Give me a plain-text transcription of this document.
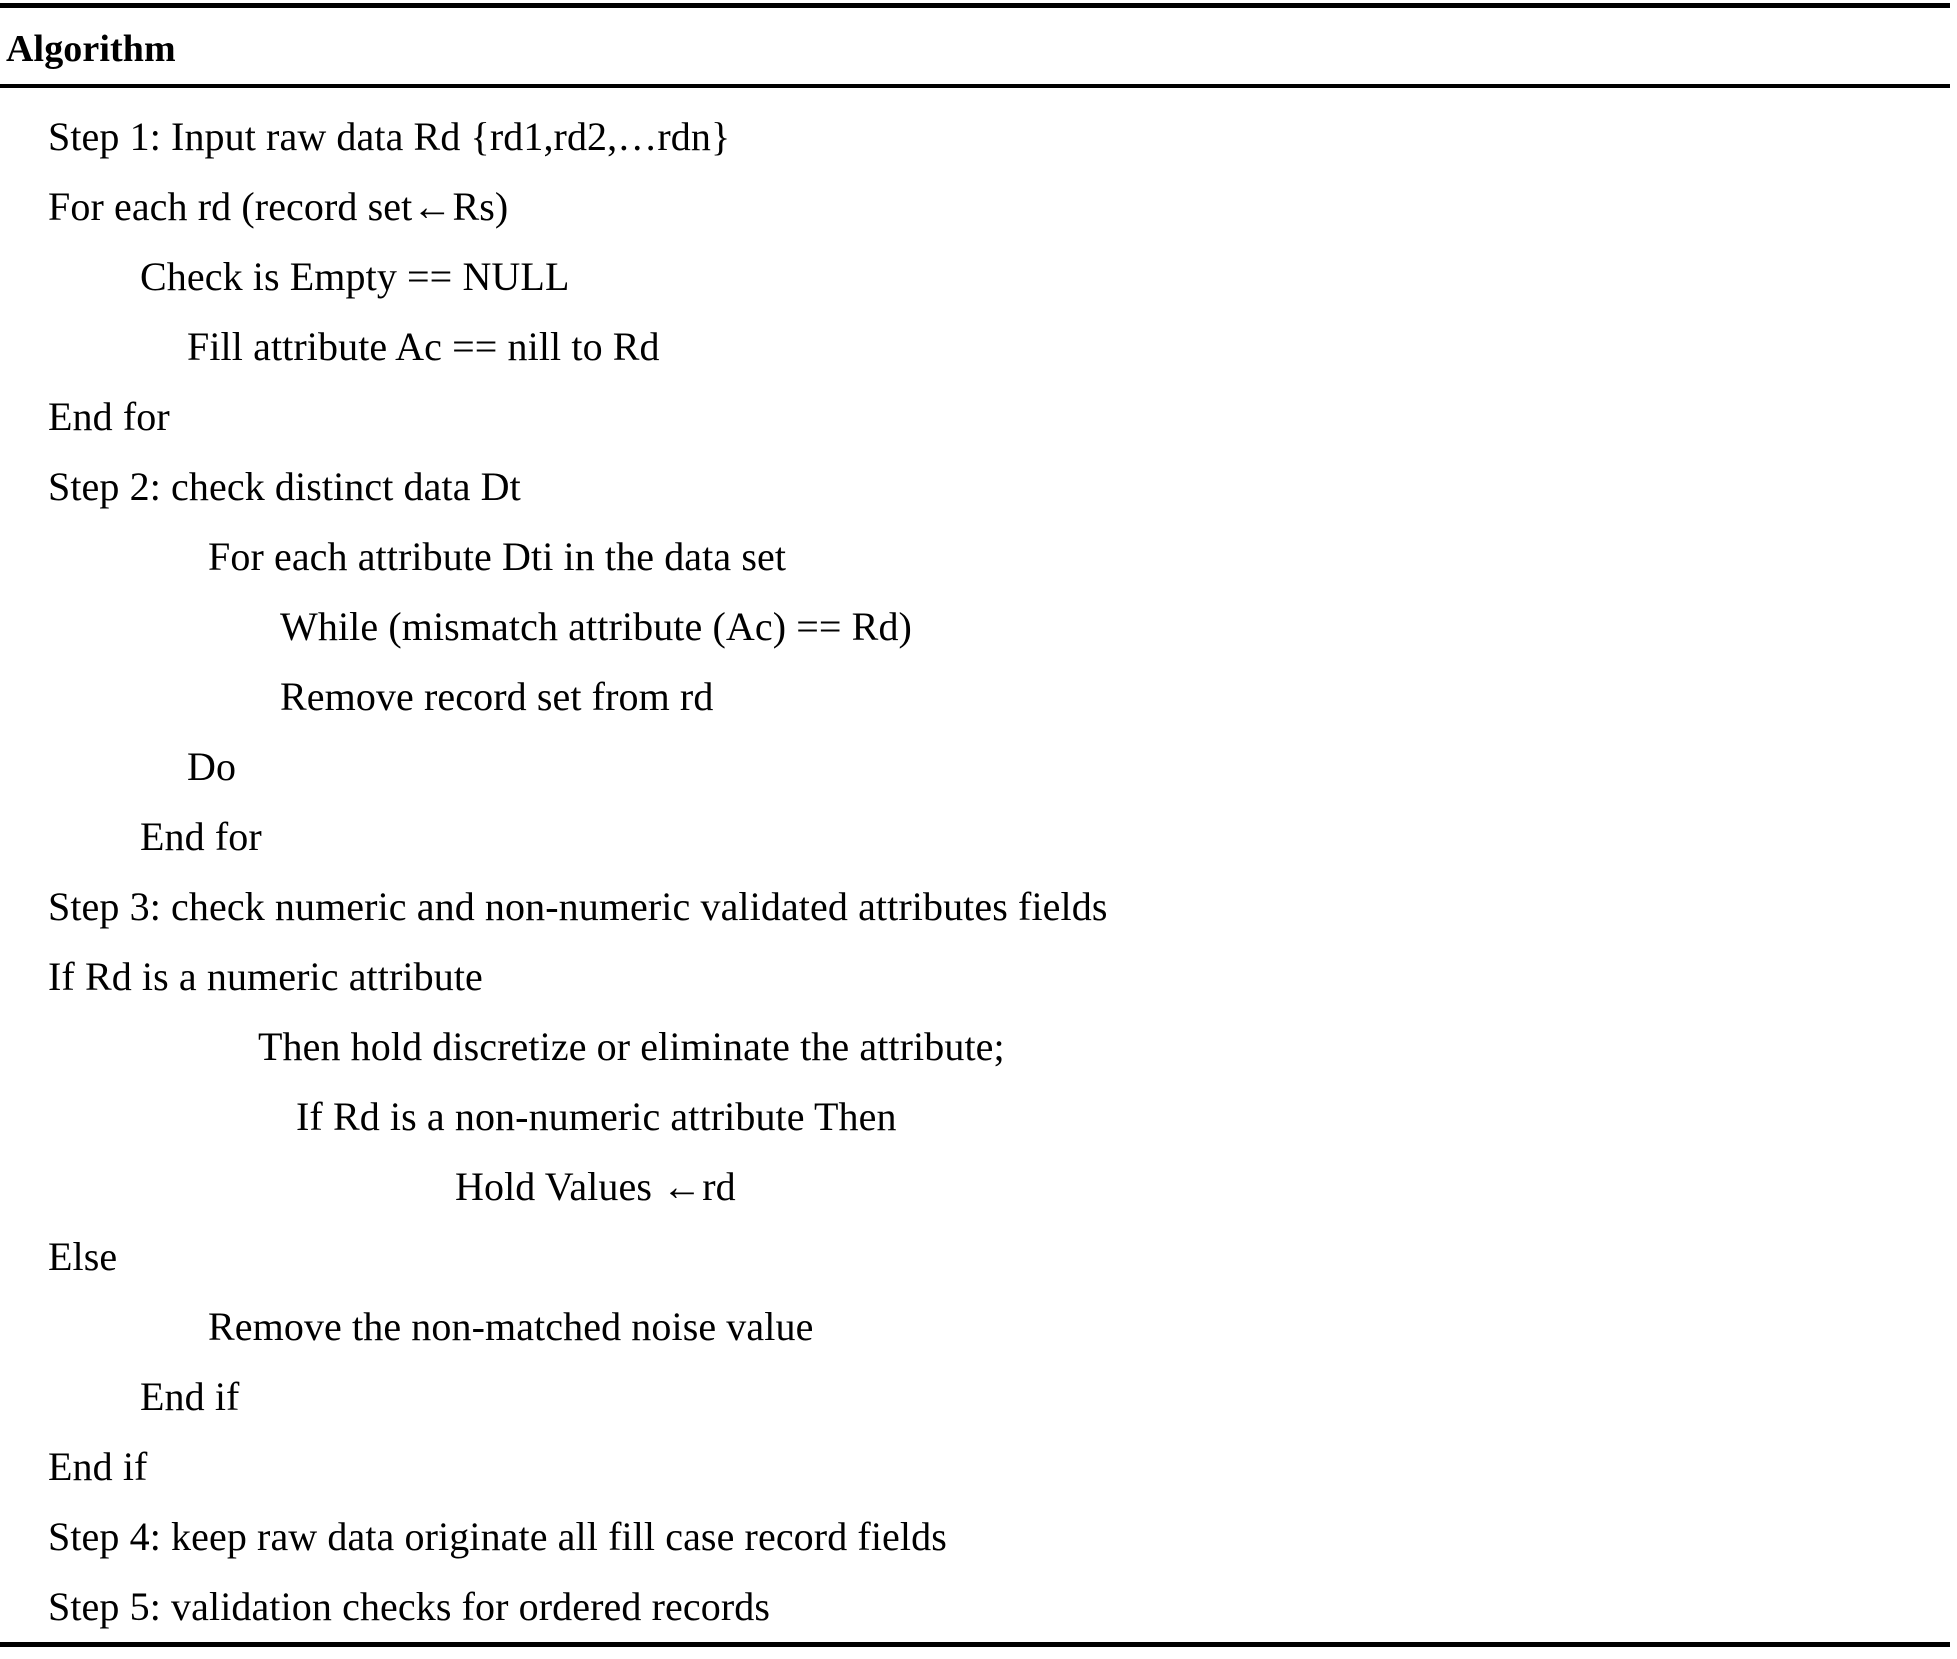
Algorithm
Step 1: Input raw data Rd {rd1,rd2,…rdn}
For each rd (record set←Rs)
Check is Empty == NULL
Fill attribute Ac == nill to Rd
End for
Step 2: check distinct data Dt
For each attribute Dti in the data set
While (mismatch attribute (Ac) == Rd)
Remove record set from rd
Do
End for
Step 3: check numeric and non-numeric validated attributes fields
If Rd is a numeric attribute
Then hold discretize or eliminate the attribute;
If Rd is a non-numeric attribute Then
Hold Values ←rd
Else
Remove the non-matched noise value
End if
End if
Step 4: keep raw data originate all fill case record fields
Step 5: validation checks for ordered records
